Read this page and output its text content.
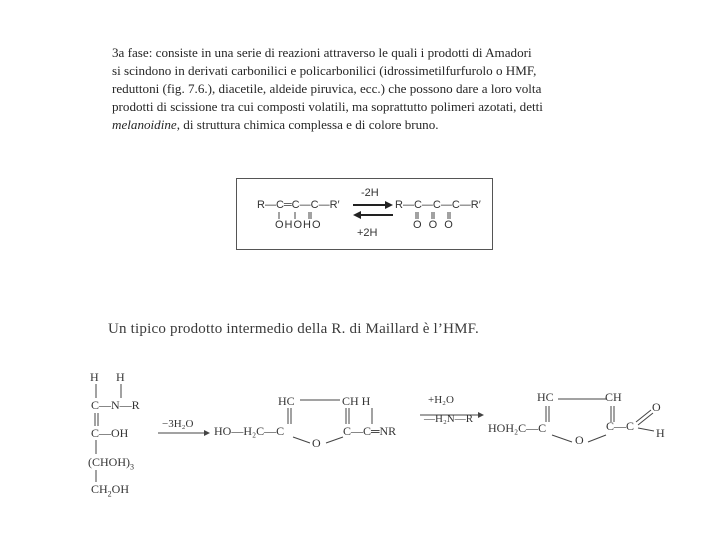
3a fase: consiste in una serie di reazioni attraverso le quali i prodotti di Amadori
si scindono in derivati carbonilici e policarbonilici (idrossimetilfurfurolo o HMF,
reduttoni (fig. 7.6.), diacetile, aldeide piruvica, ecc.) che possono dare a loro volta
prodotti di scissione tra cui composti volatili, ma soprattutto polimeri azotati, detti
melanoidine, di struttura chimica complessa e di colore bruno.
R—C═C—C—R′
OHOHO
-2H
+2H
R—C—C—C—R′
O O O
Un tipico prodotto intermedio della R. di Maillard è l’HMF.
H H
C—N—R
C—OH
$(CHOH)_3$
$CH_2OH$
−3H₂O
HC	CH H
HO—H₂C—C	C—C═NR
O
+H₂O
—H₂N—R
HC	CH
HOH₂C—C	C—C
O
O
H
